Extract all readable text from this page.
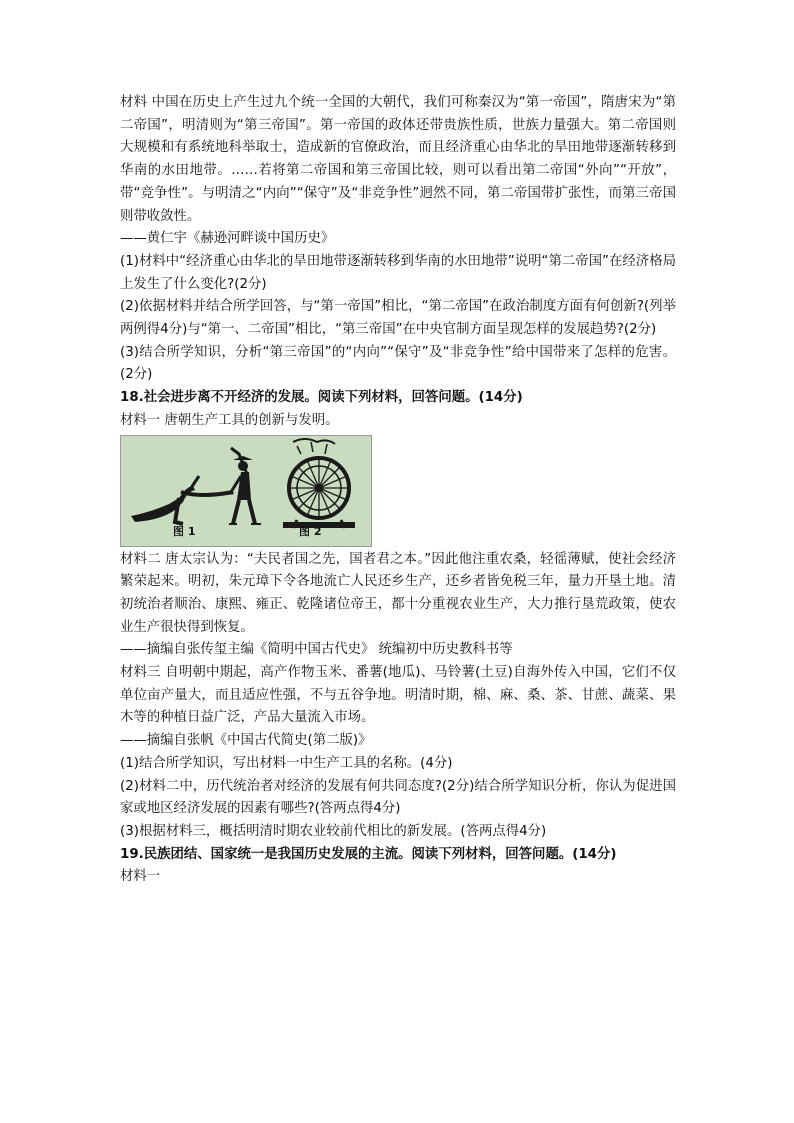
材料 中国在历史上产生过九个统一全国的大朝代，我们可称秦汉为“第一帝国”，隋唐宋为“第二帝国”，明清则为“第三帝国”。第一帝国的政体还带贵族性质，世族力量强大。第二帝国则大规模和有系统地科举取士，造成新的官僚政治，而且经济重心由华北的旱田地带逐渐转移到华南的水田地带。……若将第二帝国和第三帝国比较，则可以看出第二帝国“外向”“开放”，带“竞争性”。与明清之“内向”“保守”及“非竞争性”迥然不同，第二帝国带扩张性，而第三帝国则带收敛性。

——黄仁宇《赫逊河畔谈中国历史》

(1)材料中“经济重心由华北的旱田地带逐渐转移到华南的水田地带”说明“第二帝国”在经济格局上发生了什么变化?(2分)

(2)依据材料并结合所学回答，与“第一帝国”相比，“第二帝国”在政治制度方面有何创新?(列举两例得4分)与“第一、二帝国”相比，“第三帝国”在中央官制方面呈现怎样的发展趋势?(2分)

(3)结合所学知识，分析“第三帝国”的“内向”“保守”及“非竞争性”给中国带来了怎样的危害。(2分)

18.社会进步离不开经济的发展。阅读下列材料，回答问题。(14分)

材料一 唐朝生产工具的创新与发明。

图 1	图 2

材料二 唐太宗认为：“夫民者国之先，国者君之本。”因此他注重农桑，轻徭薄赋，使社会经济繁荣起来。明初，朱元璋下令各地流亡人民还乡生产，还乡者皆免税三年，量力开垦土地。清初统治者顺治、康熙、雍正、乾隆诸位帝王，都十分重视农业生产，大力推行垦荒政策，使农业生产很快得到恢复。

——摘编自张传玺主编《简明中国古代史》 统编初中历史教科书等

材料三 自明朝中期起，高产作物玉米、番薯(地瓜)、马铃薯(土豆)自海外传入中国，它们不仅单位亩产量大，而且适应性强，不与五谷争地。明清时期，棉、麻、桑、茶、甘蔗、蔬菜、果木等的种植日益广泛，产品大量流入市场。

——摘编自张帆《中国古代简史(第二版)》

(1)结合所学知识，写出材料一中生产工具的名称。(4分)

(2)材料二中，历代统治者对经济的发展有何共同态度?(2分)结合所学知识分析，你认为促进国家或地区经济发展的因素有哪些?(答两点得4分)

(3)根据材料三，概括明清时期农业较前代相比的新发展。(答两点得4分)

19.民族团结、国家统一是我国历史发展的主流。阅读下列材料，回答问题。(14分)

材料一
